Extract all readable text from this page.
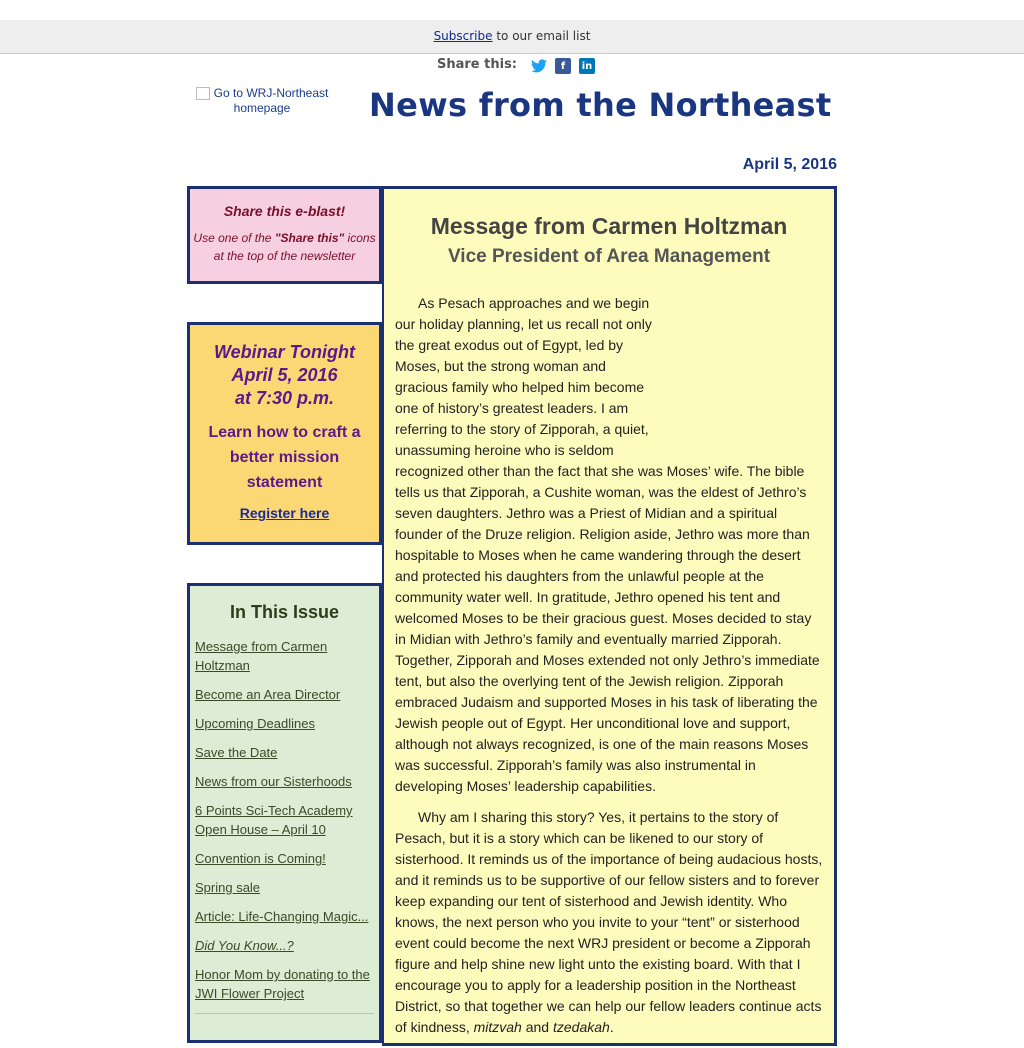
Subscribe to our email list
Share this:	f	in
Go to WRJ-Northeast homepage	News from the Northeast
April 5, 2016
Share this e-blast!
Use one of the "Share this" icons at the top of the newsletter
Webinar Tonight
April 5, 2016
at 7:30 p.m.
Learn how to craft a better mission statement
Register here
In This Issue
Message from Carmen Holtzman
Become an Area Director
Upcoming Deadlines
Save the Date
News from our Sisterhoods
6 Points Sci-Tech Academy Open House – April 10
Convention is Coming!
Spring sale
Article: Life-Changing Magic...
Did You Know...?
Honor Mom by donating to the JWI Flower Project
Message from Carmen Holtzman
Vice President of Area Management

As Pesach approaches and we begin our holiday planning, let us recall not only the great exodus out of Egypt, led by Moses, but the strong woman and gracious family who helped him become one of history’s greatest leaders. I am referring to the story of Zipporah, a quiet, unassuming heroine who is seldom recognized other than the fact that she was Moses’ wife. The bible tells us that Zipporah, a Cushite woman, was the eldest of Jethro’s seven daughters. Jethro was a Priest of Midian and a spiritual founder of the Druze religion. Religion aside, Jethro was more than hospitable to Moses when he came wandering through the desert and protected his daughters from the unlawful people at the community water well. In gratitude, Jethro opened his tent and welcomed Moses to be their gracious guest. Moses decided to stay in Midian with Jethro’s family and eventually married Zipporah. Together, Zipporah and Moses extended not only Jethro’s immediate tent, but also the overlying tent of the Jewish religion. Zipporah embraced Judaism and supported Moses in his task of liberating the Jewish people out of Egypt. Her unconditional love and support, although not always recognized, is one of the main reasons Moses was successful. Zipporah’s family was also instrumental in developing Moses’ leadership capabilities.

Why am I sharing this story? Yes, it pertains to the story of Pesach, but it is a story which can be likened to our story of sisterhood. It reminds us of the importance of being audacious hosts, and it reminds us to be supportive of our fellow sisters and to forever keep expanding our tent of sisterhood and Jewish identity. Who knows, the next person who you invite to your “tent” or sisterhood event could become the next WRJ president or become a Zipporah figure and help shine new light unto the existing board. With that I encourage you to apply for a leadership position in the Northeast District, so that together we can help our fellow leaders continue acts of kindness, mitzvah and tzedakah.
